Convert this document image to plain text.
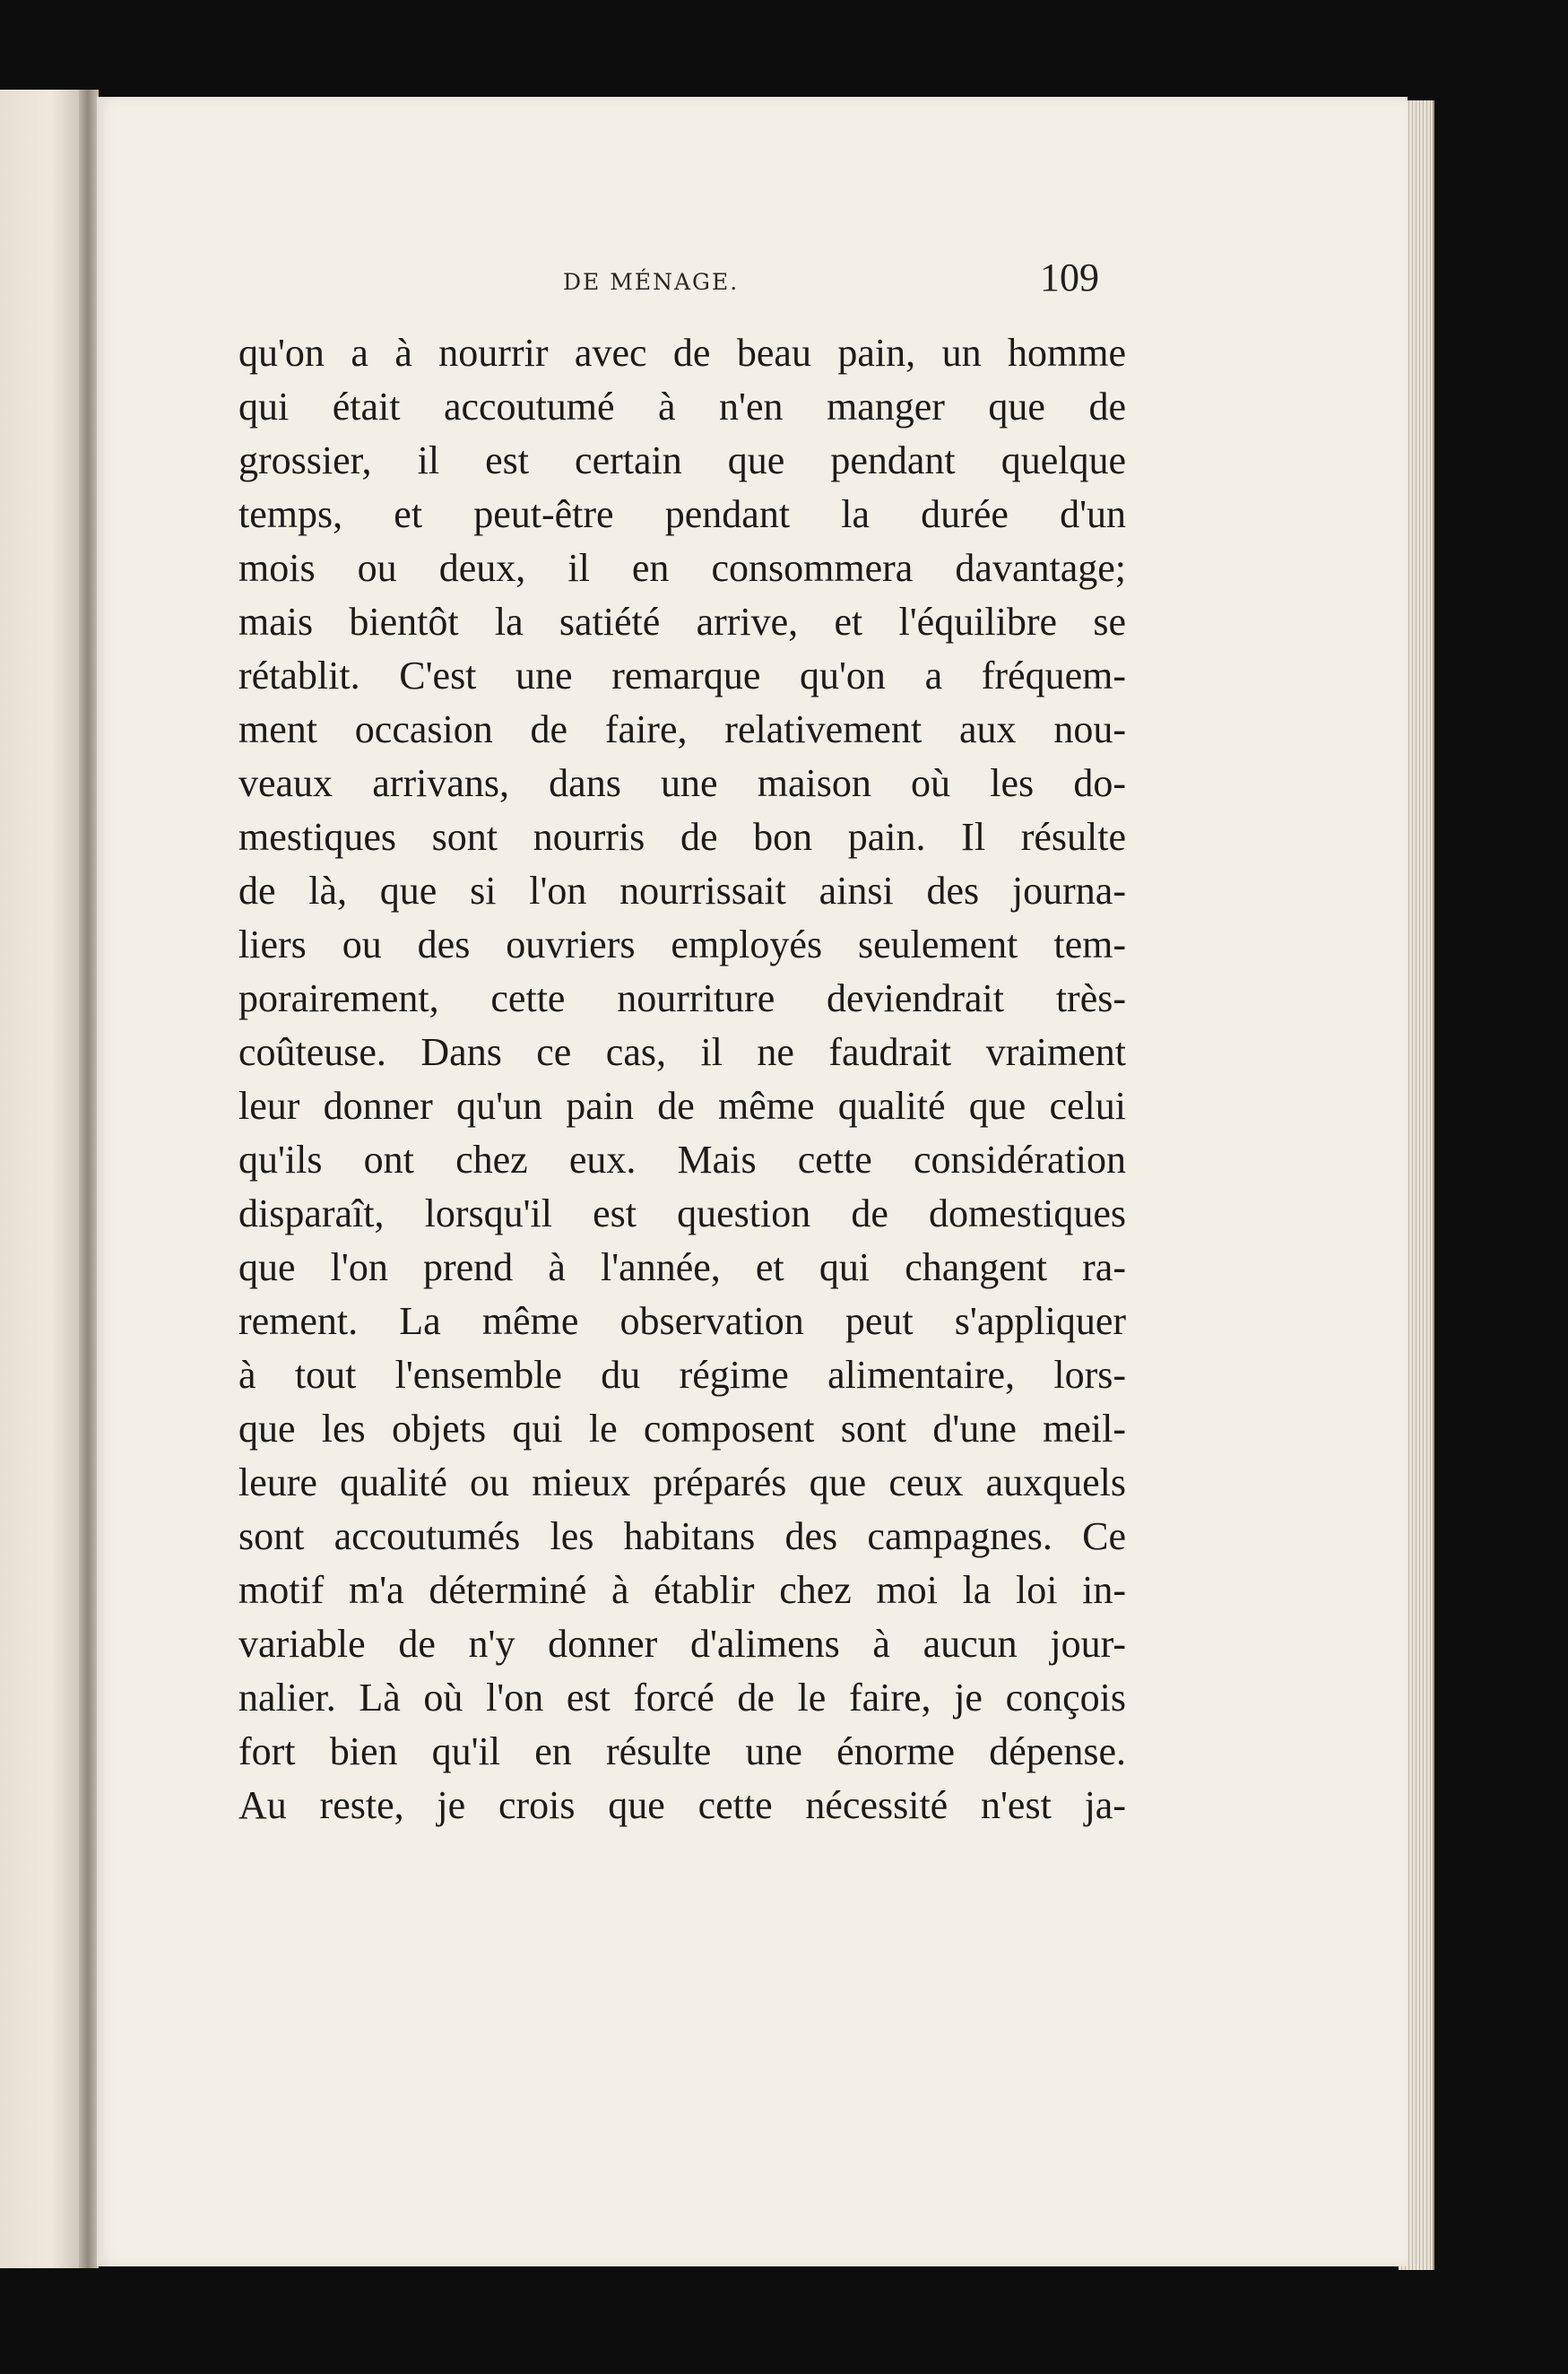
DE MÉNAGE.	109
qu'on a à nourrir avec de beau pain, un homme
qui était accoutumé à n'en manger que de
grossier, il est certain que pendant quelque
temps, et peut-être pendant la durée d'un
mois ou deux, il en consommera davantage;
mais bientôt la satiété arrive, et l'équilibre se
rétablit. C'est une remarque qu'on a fréquem-
ment occasion de faire, relativement aux nou-
veaux arrivans, dans une maison où les do-
mestiques sont nourris de bon pain. Il résulte
de là, que si l'on nourrissait ainsi des journa-
liers ou des ouvriers employés seulement tem-
porairement, cette nourriture deviendrait très-
coûteuse. Dans ce cas, il ne faudrait vraiment
leur donner qu'un pain de même qualité que celui
qu'ils ont chez eux. Mais cette considération
disparaît, lorsqu'il est question de domestiques
que l'on prend à l'année, et qui changent ra-
rement. La même observation peut s'appliquer
à tout l'ensemble du régime alimentaire, lors-
que les objets qui le composent sont d'une meil-
leure qualité ou mieux préparés que ceux auxquels
sont accoutumés les habitans des campagnes. Ce
motif m'a déterminé à établir chez moi la loi in-
variable de n'y donner d'alimens à aucun jour-
nalier. Là où l'on est forcé de le faire, je conçois
fort bien qu'il en résulte une énorme dépense.
Au reste, je crois que cette nécessité n'est ja-
